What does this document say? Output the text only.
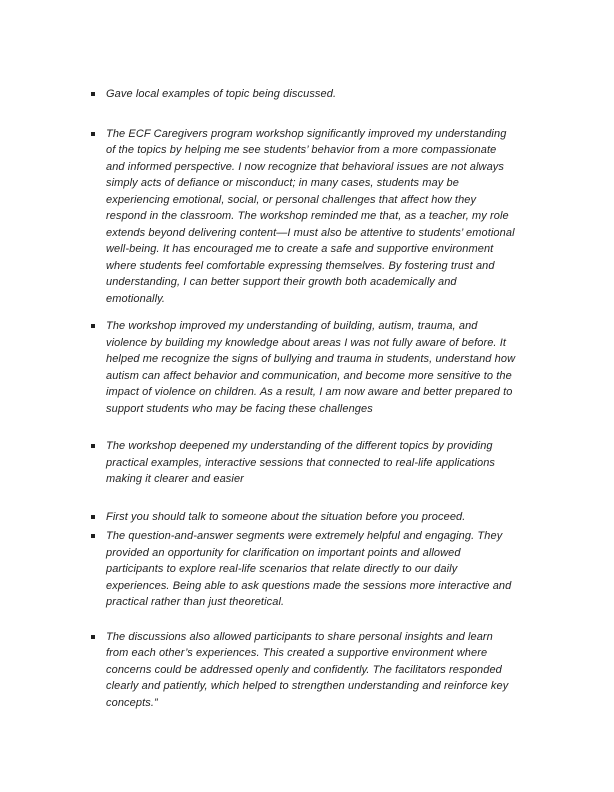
Gave local examples of topic being discussed.
The ECF Caregivers program workshop significantly improved my understanding of the topics by helping me see students’ behavior from a more compassionate and informed perspective. I now recognize that behavioral issues are not always simply acts of defiance or misconduct; in many cases, students may be experiencing emotional, social, or personal challenges that affect how they respond in the classroom. The workshop reminded me that, as a teacher, my role extends beyond delivering content—I must also be attentive to students’ emotional well-being. It has encouraged me to create a safe and supportive environment where students feel comfortable expressing themselves. By fostering trust and understanding, I can better support their growth both academically and emotionally.
The workshop improved my understanding of building, autism, trauma, and violence by building my knowledge about areas I was not fully aware of before. It helped me recognize the signs of bullying and trauma in students, understand how autism can affect behavior and communication, and become more sensitive to the impact of violence on children. As a result, I am now aware and better prepared to support students who may be facing these challenges
The workshop deepened my understanding of the different topics by providing practical examples, interactive sessions that connected to real-life applications making it clearer and easier
First you should talk to someone about the situation before you proceed.
The question-and-answer segments were extremely helpful and engaging. They provided an opportunity for clarification on important points and allowed participants to explore real-life scenarios that relate directly to our daily experiences. Being able to ask questions made the sessions more interactive and practical rather than just theoretical.
The discussions also allowed participants to share personal insights and learn from each other’s experiences. This created a supportive environment where concerns could be addressed openly and confidently. The facilitators responded clearly and patiently, which helped to strengthen understanding and reinforce key concepts.”
